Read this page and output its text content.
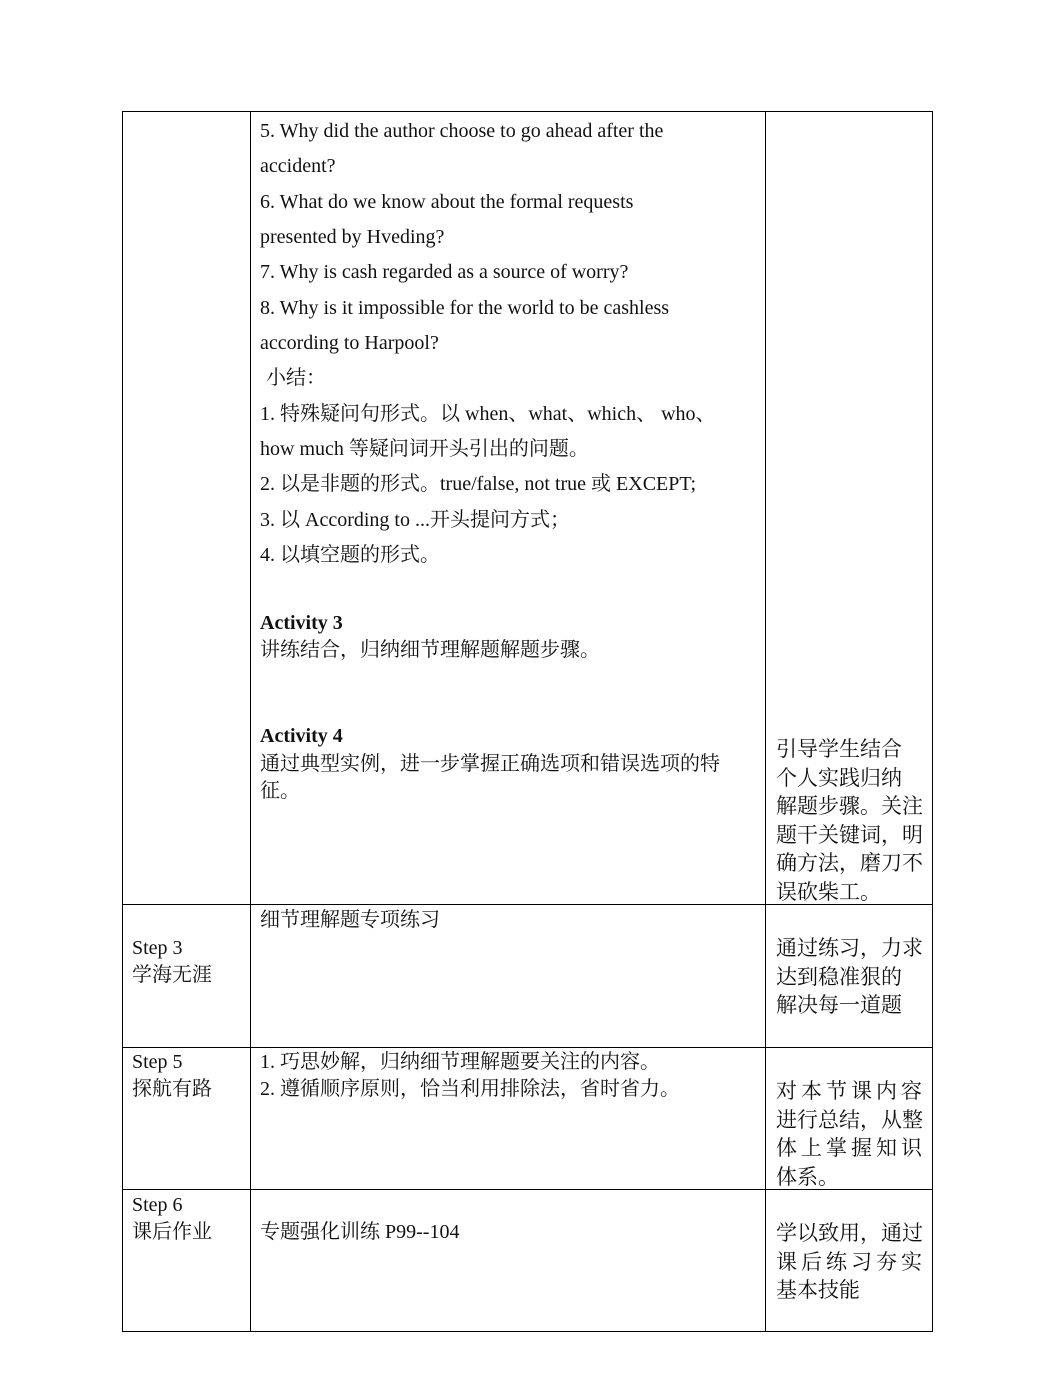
5. Why did the author choose to go ahead after the
accident?
6. What do we know about the formal requests
presented by Hveding?
7. Why is cash regarded as a source of worry?
8. Why is it impossible for the world to be cashless
according to Harpool?
小结：
1. 特殊疑问句形式。以 when、what、which、 who、
how much 等疑问词开头引出的问题。
2. 以是非题的形式。true/false, not true 或 EXCEPT;
3. 以 According to ...开头提问方式；
4. 以填空题的形式。
Activity 3
讲练结合，归纳细节理解题解题步骤。
Activity 4
通过典型实例，进一步掌握正确选项和错误选项的特
征。
引导学生结合
个人实践归纳
解题步骤。关注
题干关键词，明
确方法，磨刀不
误砍柴工。
Step 3
学海无涯
细节理解题专项练习
通过练习，力求
达到稳准狠的
解决每一道题
Step 5
探航有路
1. 巧思妙解，归纳细节理解题要关注的内容。
2. 遵循顺序原则，恰当利用排除法，省时省力。	对本节课内容
进行总结，从整
体上掌握知识
体系。
Step 6
课后作业 专题强化训练 P99--104	学以致用，通过
课后练习夯实
基本技能
